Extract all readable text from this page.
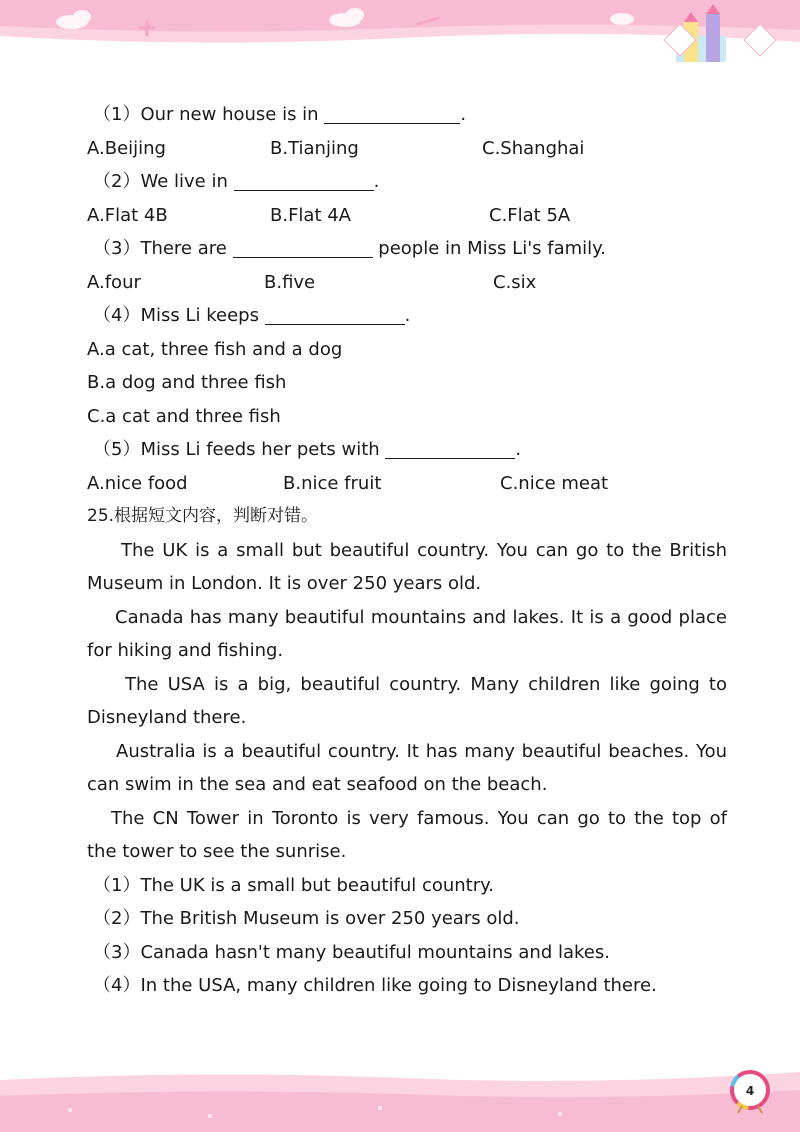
（1）Our new house is in	.
A.Beijing	B.Tianjing	C.Shanghai
（2）We live in	.
A.Flat 4B	B.Flat 4A	C.Flat 5A
（3）There are	people in Miss Li's family.
A.four	B.five	C.six
（4）Miss Li keeps	.
A.a cat, three fish and a dog
B.a dog and three fish
C.a cat and three fish
（5）Miss Li feeds her pets with	.
A.nice food	B.nice fruit	C.nice meat
25.根据短文内容，判断对错。
The UK is a small but beautiful country. You can go to the British Museum in London. It is over 250 years old.
Canada has many beautiful mountains and lakes. It is a good place for hiking and fishing.
The USA is a big, beautiful country. Many children like going to Disneyland there.
Australia is a beautiful country. It has many beautiful beaches. You can swim in the sea and eat seafood on the beach.
The CN Tower in Toronto is very famous. You can go to the top of the tower to see the sunrise.
（1）The UK is a small but beautiful country.
（2）The British Museum is over 250 years old.
（3）Canada hasn't many beautiful mountains and lakes.
（4）In the USA, many children like going to Disneyland there.
4
